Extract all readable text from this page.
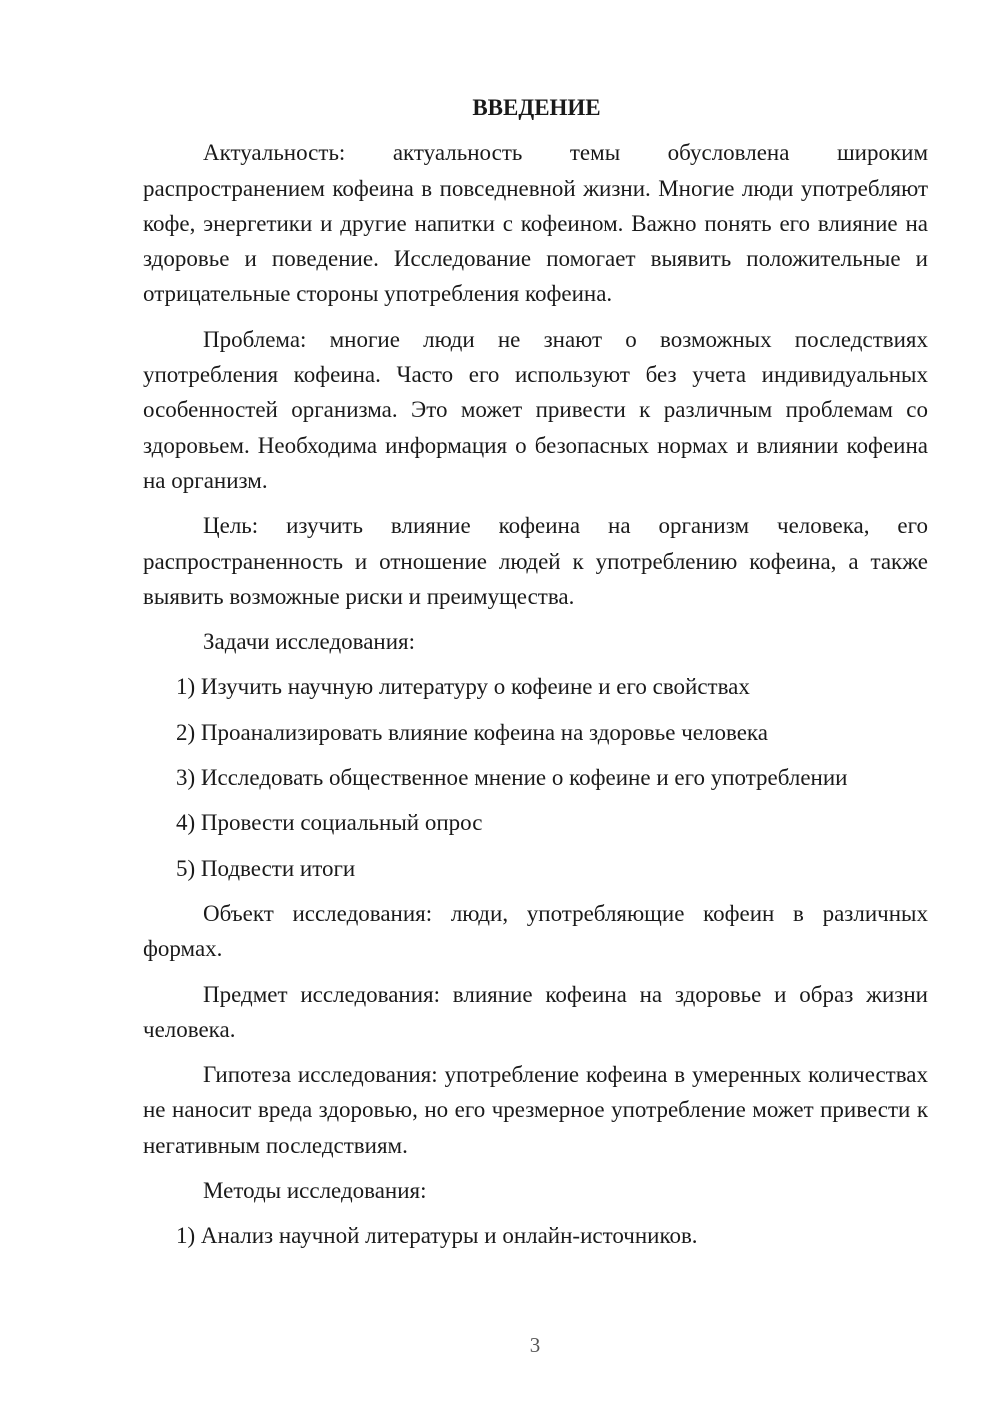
ВВЕДЕНИЕ

Актуальность: актуальность темы обусловлена широким распространением кофеина в повседневной жизни. Многие люди употребляют кофе, энергетики и другие напитки с кофеином. Важно понять его влияние на здоровье и поведение. Исследование помогает выявить положительные и отрицательные стороны употребления кофеина.

Проблема: многие люди не знают о возможных последствиях употребления кофеина. Часто его используют без учета индивидуальных особенностей организма. Это может привести к различным проблемам со здоровьем. Необходима информация о безопасных нормах и влиянии кофеина на организм.

Цель: изучить влияние кофеина на организм человека, его распространенность и отношение людей к употреблению кофеина, а также выявить возможные риски и преимущества.

Задачи исследования:

1) Изучить научную литературу о кофеине и его свойствах
2) Проанализировать влияние кофеина на здоровье человека
3) Исследовать общественное мнение о кофеине и его употреблении
4) Провести социальный опрос
5) Подвести итоги

Объект исследования: люди, употребляющие кофеин в различных формах.

Предмет исследования: влияние кофеина на здоровье и образ жизни человека.

Гипотеза исследования: употребление кофеина в умеренных количествах не наносит вреда здоровью, но его чрезмерное употребление может привести к негативным последствиям.

Методы исследования:

1) Анализ научной литературы и онлайн-источников.
3
